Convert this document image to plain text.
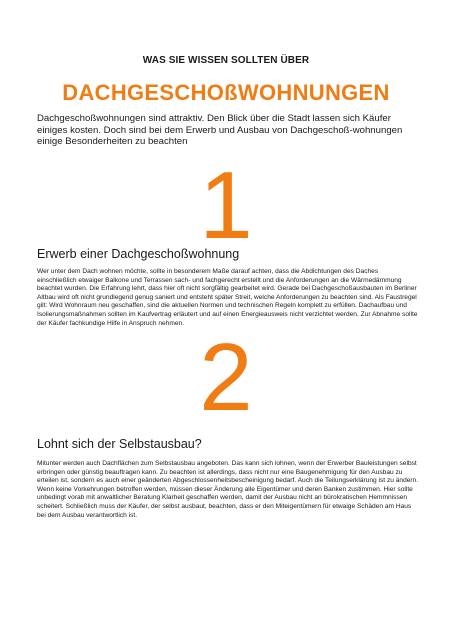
WAS SIE WISSEN SOLLTEN ÜBER
DACHGESCHOßWOHNUNGEN
Dachgeschoßwohnungen sind attraktiv. Den Blick über die Stadt lassen sich Käufer einiges kosten. Doch sind bei dem Erwerb und Ausbau von Dachgeschoß-wohnungen einige Besonderheiten zu beachten
1
Erwerb einer Dachgeschoßwohnung
Wer unter dem Dach wohnen möchte, sollte in besonderem Maße darauf achten, dass die Abdichtungen des Daches einschließlich etwaiger Balkone und Terrassen sach- und fachgerecht erstellt und die Anforderungen an die Wärmedämmung beachtet wurden. Die Erfahrung lehrt, dass hier oft nicht sorgfältig gearbeitet wird. Gerade bei Dachgeschoßausbauten im Berliner Altbau wird oft nicht grundlegend genug saniert und entsteht später Streit, welche Anforderungen zu beachten sind. Als Faustregel gilt: Wird Wohnraum neu geschaffen, sind die aktuellen Normen und technischen Regeln komplett zu erfüllen. Dachaufbau und Isolierungsmaßnahmen sollten im Kaufvertrag erläutert und auf einen Energieausweis nicht verzichtet werden. Zur Abnahme sollte der Käufer fachkundige Hilfe in Anspruch nehmen.
2
Lohnt sich der Selbstausbau?
Mitunter werden auch Dachflächen zum Selbstausbau angeboten. Das kann sich lohnen, wenn der Erwerber Bauleistungen selbst erbringen oder günstig beauftragen kann. Zu beachten ist allerdings, dass nicht nur eine Baugenehmigung für den Ausbau zu erteilen ist, sondern es auch einer geänderten Abgeschlossenheitsbescheinigung bedarf. Auch die Teilungserklärung ist zu ändern. Wenn keine Vorkehrungen betroffen werden, müssen dieser Änderung alle Eigentümer und deren Banken zustimmen. Hier sollte unbedingt vorab mit anwaltlicher Beratung Klarheit geschaffen werden, damit der Ausbau nicht an bürokratischen Hemmnissen scheitert. Schließlich muss der Käufer, der selbst ausbaut, beachten, dass er den Miteigentümern für etwaige Schäden am Haus bei dem Ausbau verantwortlich ist.
